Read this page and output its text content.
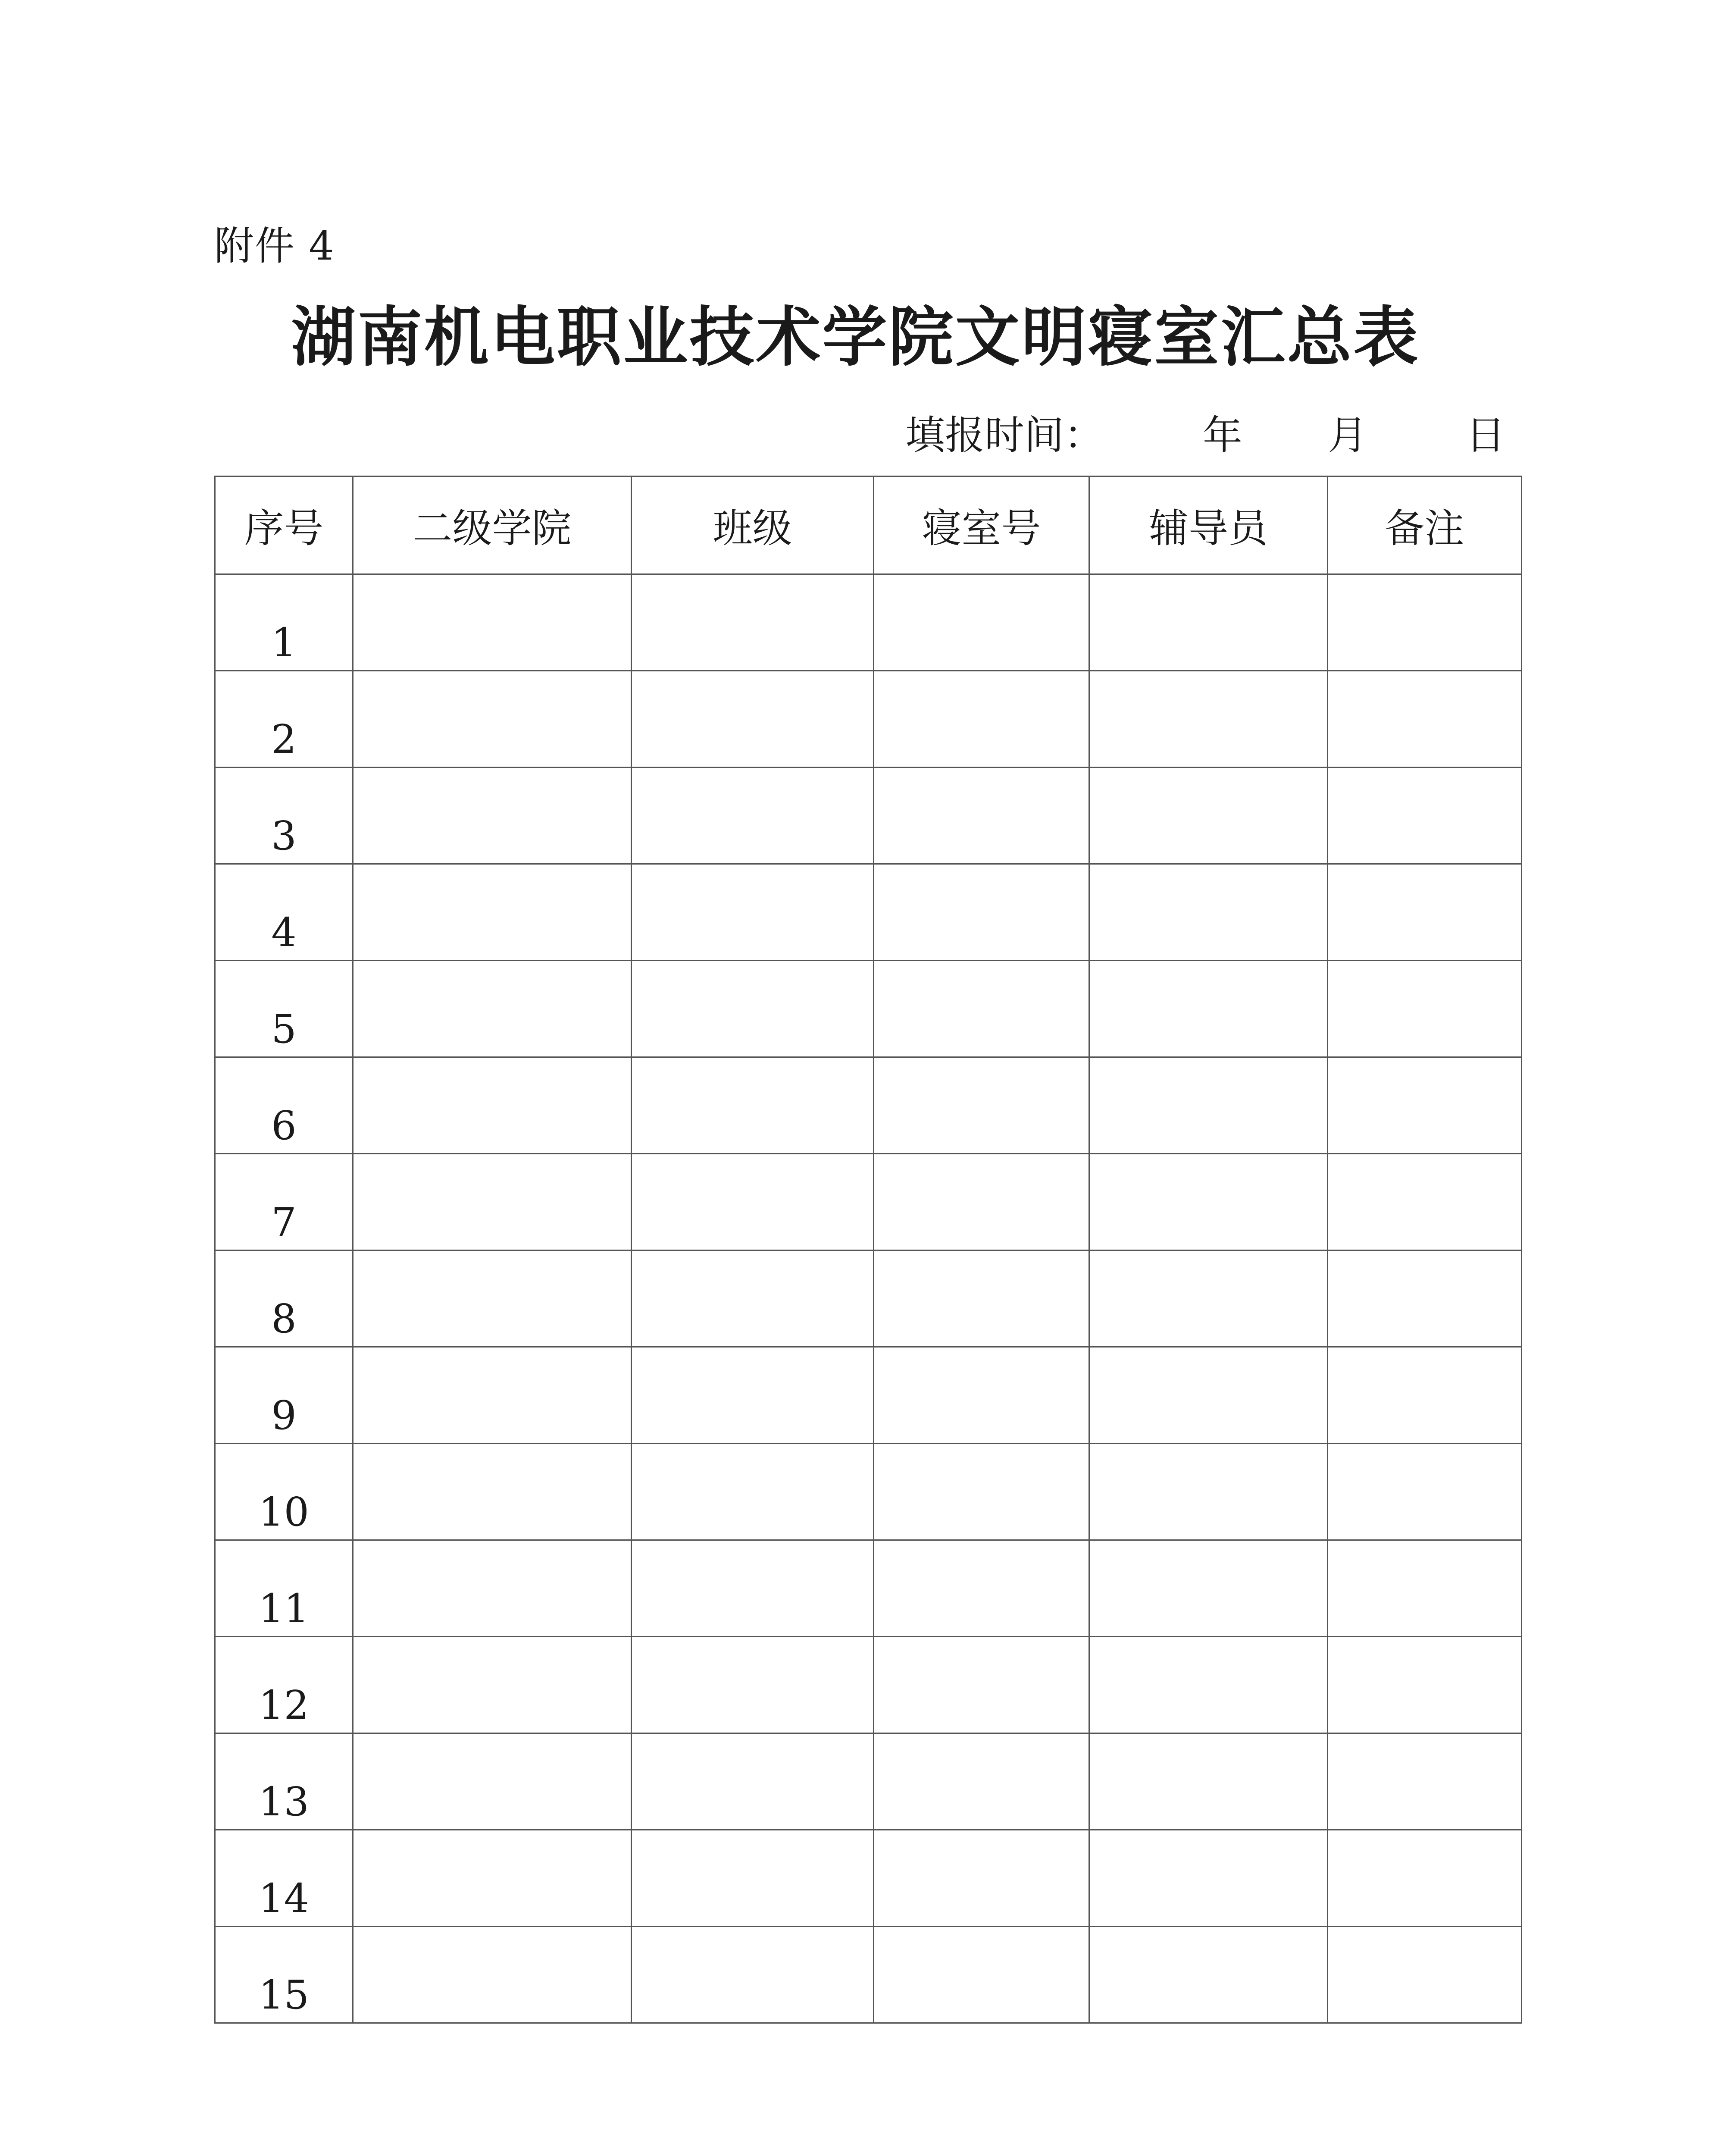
附件 4
湖南机电职业技术学院文明寝室汇总表
填报时间： 年 月 日
序号	二级学院	班级	寝室号	辅导员	备注
1					
2					
3					
4					
5					
6					
7					
8					
9					
10					
11					
12					
13					
14					
15					
